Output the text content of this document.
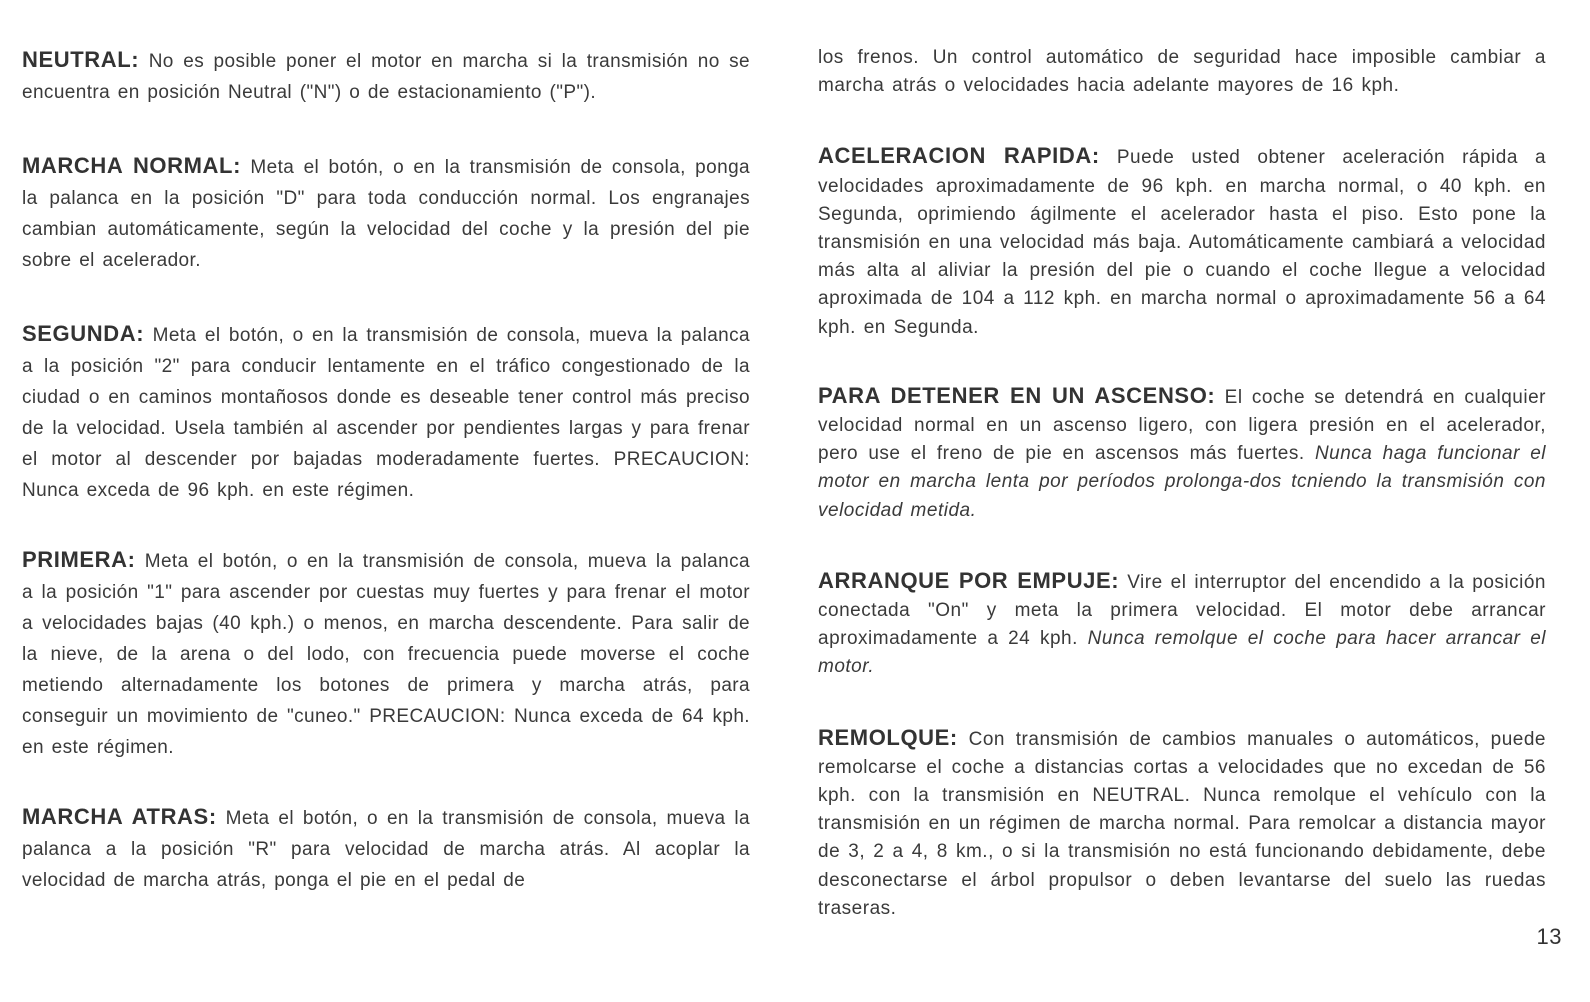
NEUTRAL: No es posible poner el motor en marcha si la transmisión no se encuentra en posición Neutral ("N") o de estacionamiento ("P").

MARCHA NORMAL: Meta el botón, o en la transmisión de consola, ponga la palanca en la posición "D" para toda conducción normal. Los engranajes cambian automáticamente, según la velocidad del coche y la presión del pie sobre el acelerador.

SEGUNDA: Meta el botón, o en la transmisión de consola, mueva la palanca a la posición "2" para conducir lentamente en el tráfico congestionado de la ciudad o en caminos montañosos donde es deseable tener control más preciso de la velocidad. Usela también al ascender por pendientes largas y para frenar el motor al descender por bajadas moderadamente fuertes. PRECAUCION: Nunca exceda de 96 kph. en este régimen.

PRIMERA: Meta el botón, o en la transmisión de consola, mueva la palanca a la posición "1" para ascender por cuestas muy fuertes y para frenar el motor a velocidades bajas (40 kph.) o menos, en marcha descendente. Para salir de la nieve, de la arena o del lodo, con frecuencia puede moverse el coche metiendo alternadamente los botones de primera y marcha atrás, para conseguir un movimiento de "cuneo." PRECAUCION: Nunca exceda de 64 kph. en este régimen.

MARCHA ATRAS: Meta el botón, o en la transmisión de consola, mueva la palanca a la posición "R" para velocidad de marcha atrás. Al acoplar la velocidad de marcha atrás, ponga el pie en el pedal de

los frenos. Un control automático de seguridad hace imposible cambiar a marcha atrás o velocidades hacia adelante mayores de 16 kph.

ACELERACION RAPIDA: Puede usted obtener aceleración rápida a velocidades aproximadamente de 96 kph. en marcha normal, o 40 kph. en Segunda, oprimiendo ágilmente el acelerador hasta el piso. Esto pone la transmisión en una velocidad más baja. Automáticamente cambiará a velocidad más alta al aliviar la presión del pie o cuando el coche llegue a velocidad aproximada de 104 a 112 kph. en marcha normal o aproximadamente 56 a 64 kph. en Segunda.

PARA DETENER EN UN ASCENSO: El coche se detendrá en cualquier velocidad normal en un ascenso ligero, con ligera presión en el acelerador, pero use el freno de pie en ascensos más fuertes. Nunca haga funcionar el motor en marcha lenta por períodos prolonga-dos tcniendo la transmisión con velocidad metida.

ARRANQUE POR EMPUJE: Vire el interruptor del encendido a la posición conectada "On" y meta la primera velocidad. El motor debe arrancar aproximadamente a 24 kph. Nunca remolque el coche para hacer arrancar el motor.

REMOLQUE: Con transmisión de cambios manuales o automáticos, puede remolcarse el coche a distancias cortas a velocidades que no excedan de 56 kph. con la transmisión en NEUTRAL. Nunca remolque el vehículo con la transmisión en un régimen de marcha normal. Para remolcar a distancia mayor de 3, 2 a 4, 8 km., o si la transmisión no está funcionando debidamente, debe desconectarse el árbol propulsor o deben levantarse del suelo las ruedas traseras.

13
